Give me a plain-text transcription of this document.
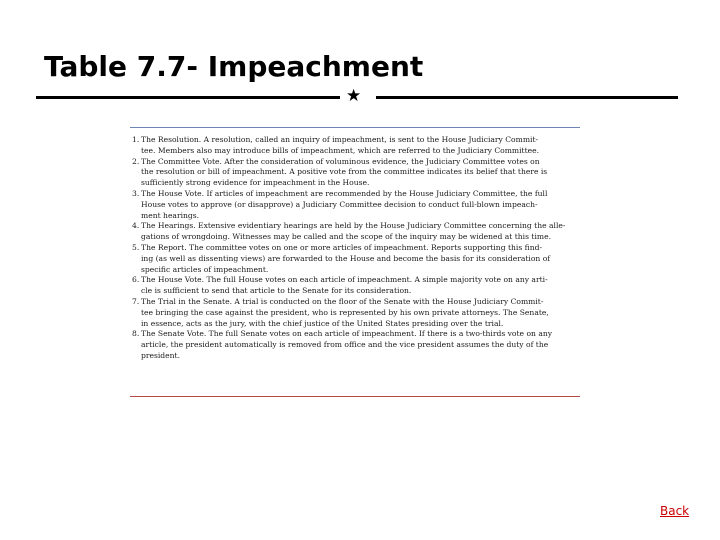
Table 7.7- Impeachment
★
1. The Resolution. A resolution, called an inquiry of impeachment, is sent to the House Judiciary Commit-
tee. Members also may introduce bills of impeachment, which are referred to the Judiciary Committee.
2. The Committee Vote. After the consideration of voluminous evidence, the Judiciary Committee votes on
the resolution or bill of impeachment. A positive vote from the committee indicates its belief that there is
sufficiently strong evidence for impeachment in the House.
3. The House Vote. If articles of impeachment are recommended by the House Judiciary Committee, the full
House votes to approve (or disapprove) a Judiciary Committee decision to conduct full-blown impeach-
ment hearings.
4. The Hearings. Extensive evidentiary hearings are held by the House Judiciary Committee concerning the alle-
gations of wrongdoing. Witnesses may be called and the scope of the inquiry may be widened at this time.
5. The Report. The committee votes on one or more articles of impeachment. Reports supporting this find-
ing (as well as dissenting views) are forwarded to the House and become the basis for its consideration of
specific articles of impeachment.
6. The House Vote. The full House votes on each article of impeachment. A simple majority vote on any arti-
cle is sufficient to send that article to the Senate for its consideration.
7. The Trial in the Senate. A trial is conducted on the floor of the Senate with the House Judiciary Commit-
tee bringing the case against the president, who is represented by his own private attorneys. The Senate,
in essence, acts as the jury, with the chief justice of the United States presiding over the trial.
8. The Senate Vote. The full Senate votes on each article of impeachment. If there is a two-thirds vote on any
article, the president automatically is removed from office and the vice president assumes the duty of the
president.
Back
